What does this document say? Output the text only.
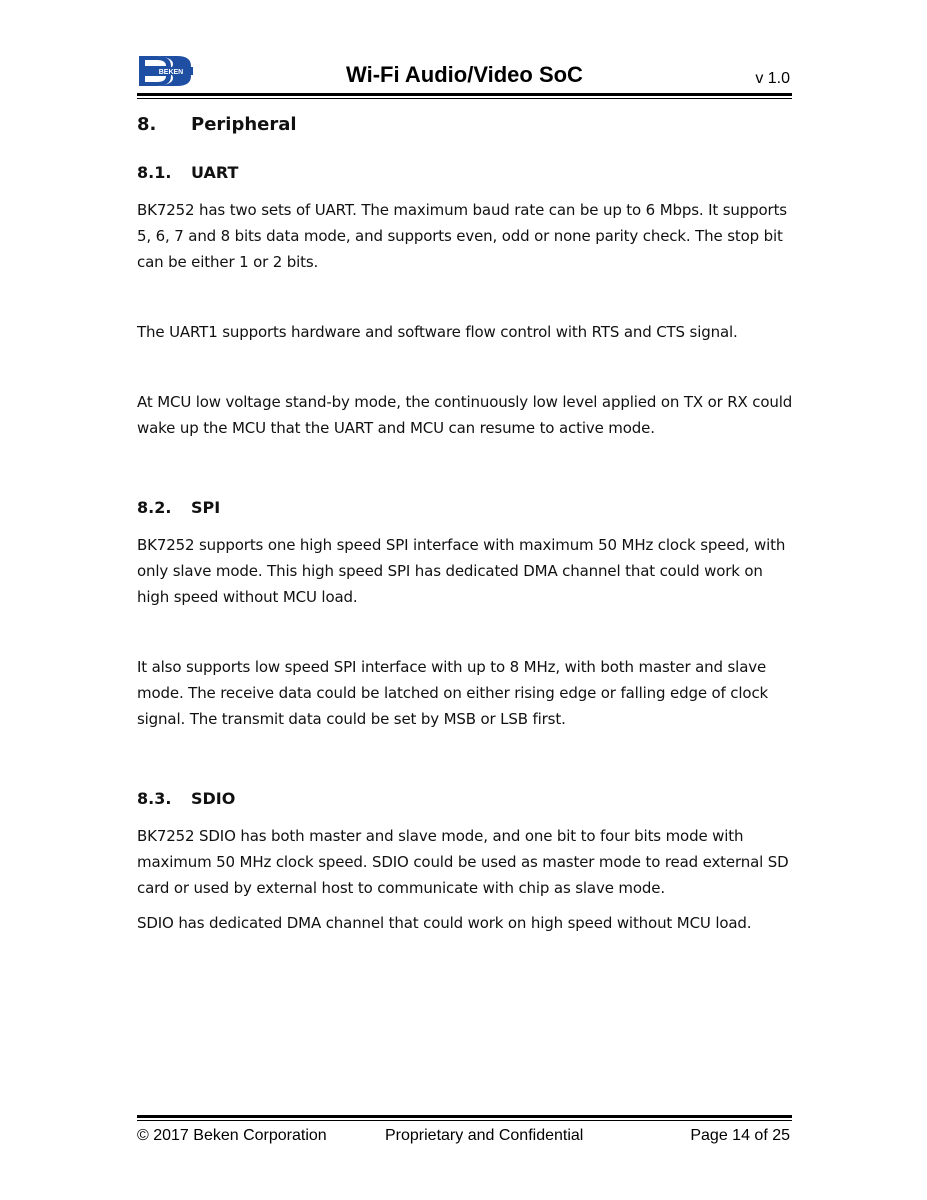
BEKEN	Wi-Fi Audio/Video SoC	v 1.0
8. Peripheral
8.1. UART

BK7252 has two sets of UART. The maximum baud rate can be up to 6 Mbps. It supports 5, 6, 7 and 8 bits data mode, and supports even, odd or none parity check. The stop bit can be either 1 or 2 bits.

The UART1 supports hardware and software flow control with RTS and CTS signal.

At MCU low voltage stand-by mode, the continuously low level applied on TX or RX could wake up the MCU that the UART and MCU can resume to active mode.

8.2. SPI

BK7252 supports one high speed SPI interface with maximum 50 MHz clock speed, with only slave mode. This high speed SPI has dedicated DMA channel that could work on high speed without MCU load.

It also supports low speed SPI interface with up to 8 MHz, with both master and slave mode. The receive data could be latched on either rising edge or falling edge of clock signal. The transmit data could be set by MSB or LSB first.

8.3. SDIO

BK7252 SDIO has both master and slave mode, and one bit to four bits mode with maximum 50 MHz clock speed. SDIO could be used as master mode to read external SD card or used by external host to communicate with chip as slave mode.

SDIO has dedicated DMA channel that could work on high speed without MCU load.

© 2017 Beken Corporation	Proprietary and Confidential	Page 14 of 25
